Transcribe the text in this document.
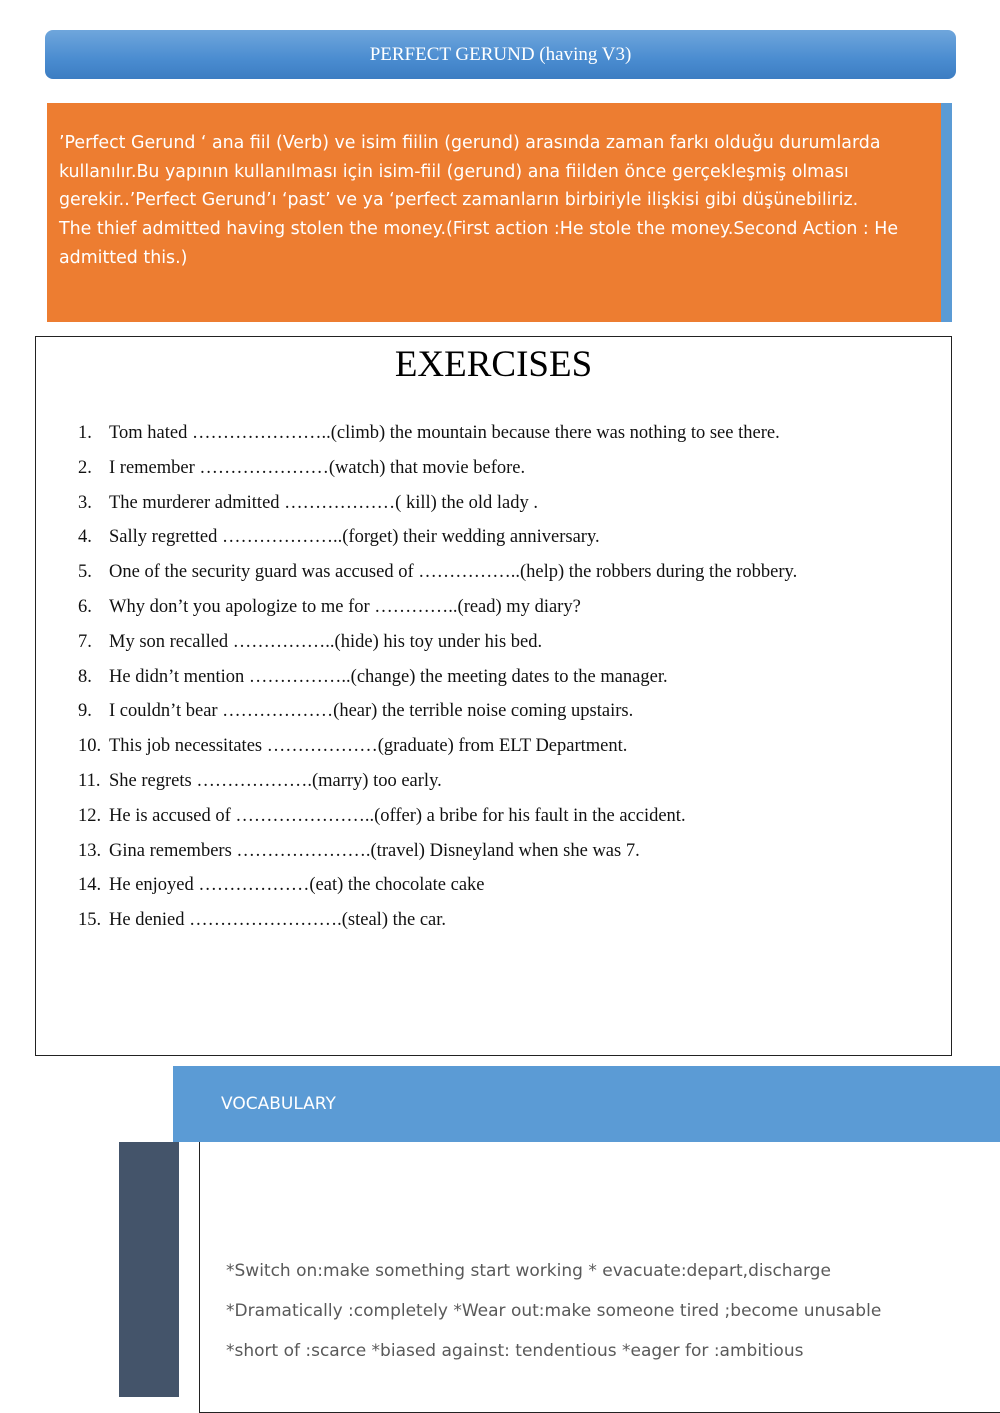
PERFECT GERUND (having V3)
’Perfect Gerund ‘ ana fiil (Verb) ve isim fiilin (gerund) arasında zaman farkı olduğu durumlarda
kullanılır.Bu yapının kullanılması için isim-fiil (gerund) ana fiilden önce gerçekleşmiş olması
gerekir..’Perfect Gerund’ı ‘past’ ve ya ‘perfect zamanların birbiriyle ilişkisi gibi düşünebiliriz.
The thief admitted having stolen the money.(First action :He stole the money.Second Action : He
admitted this.)
EXERCISES
1. Tom hated …………………..(climb) the mountain because there was nothing to see there.
2. I remember …………………(watch) that movie before.
3. The murderer admitted ………………( kill) the old lady .
4. Sally regretted ………………..(forget) their wedding anniversary.
5. One of the security guard was accused of ……………..(help) the robbers during the robbery.
6. Why don’t you apologize to me for …………..(read) my diary?
7. My son recalled ……………..(hide) his toy under his bed.
8. He didn’t mention ……………..(change) the meeting dates to the manager.
9. I couldn’t bear ………………(hear) the terrible noise coming upstairs.
10. This job necessitates ………………(graduate) from ELT Department.
11. She regrets ……………….(marry) too early.
12. He is accused of …………………..(offer) a bribe for his fault in the accident.
13. Gina remembers ………………….(travel) Disneyland when she was 7.
14. He enjoyed ………………(eat) the chocolate cake
15. He denied …………………….(steal) the car.
VOCABULARY
*Switch on:make something start working * evacuate:depart,discharge
*Dramatically :completely *Wear out:make someone tired ;become unusable
*short of :scarce *biased against: tendentious *eager for :ambitious
